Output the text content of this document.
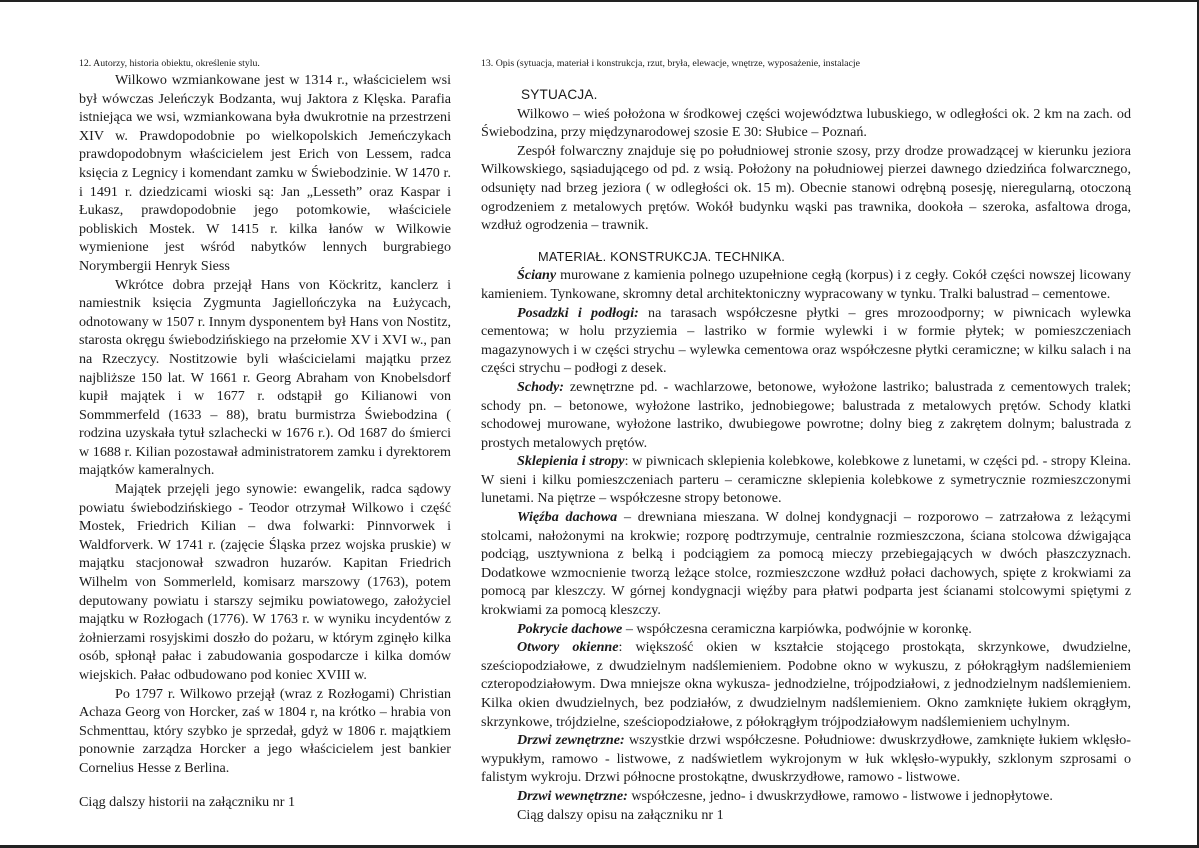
12. Autorzy, historia obiektu, określenie stylu.

Wilkowo wzmiankowane jest w 1314 r., właścicielem wsi był wówczas Jeleńczyk Bodzanta, wuj Jaktora z Klęska. Parafia istniejąca we wsi, wzmiankowana była dwukrotnie na przestrzeni XIV w. Prawdopodobnie po wielkopolskich Jemeńczykach prawdopodobnym właścicielem jest Erich von Lessem, radca księcia z Legnicy i komendant zamku w Świebodzinie. W 1470 r. i 1491 r. dziedzicami wioski są: Jan „Lesseth” oraz Kaspar i Łukasz, prawdopodobnie jego potomkowie, właściciele pobliskich Mostek. W 1415 r. kilka łanów w Wilkowie wymienione jest wśród nabytków lennych burgrabiego Norymbergii Henryk Siess

Wkrótce dobra przejął Hans von Köckritz, kanclerz i namiestnik księcia Zygmunta Jagiellończyka na Łużycach, odnotowany w 1507 r. Innym dysponentem był Hans von Nostitz, starosta okręgu świebodzińskiego na przełomie XV i XVI w., pan na Rzeczycy. Nostitzowie byli właścicielami majątku przez najbliższe 150 lat. W 1661 r. Georg Abraham von Knobelsdorf kupił majątek i w 1677 r. odstąpił go Kilianowi von Sommmerfeld (1633 – 88), bratu burmistrza Świebodzina ( rodzina uzyskała tytuł szlachecki w 1676 r.). Od 1687 do śmierci w 1688 r. Kilian pozostawał administratorem zamku i dyrektorem majątków kameralnych.

Majątek przejęli jego synowie: ewangelik, radca sądowy powiatu świebodzińskiego - Teodor otrzymał Wilkowo i część Mostek, Friedrich Kilian – dwa folwarki: Pinnvorwek i Waldforverk. W 1741 r. (zajęcie Śląska przez wojska pruskie) w majątku stacjonował szwadron huzarów. Kapitan Friedrich Wilhelm von Sommerleld, komisarz marszowy (1763), potem deputowany powiatu i starszy sejmiku powiatowego, założyciel majątku w Rozłogach (1776). W 1763 r. w wyniku incydentów z żołnierzami rosyjskimi doszło do pożaru, w którym zginęło kilka osób, spłonął pałac i zabudowania gospodarcze i kilka domów wiejskich. Pałac odbudowano pod koniec XVIII w.

Po 1797 r. Wilkowo przejął (wraz z Rozłogami) Christian Achaza Georg von Horcker, zaś w 1804 r, na krótko – hrabia von Schmenttau, który szybko je sprzedał, gdyż w 1806 r. majątkiem ponownie zarządza Horcker a jego właścicielem jest bankier Cornelius Hesse z Berlina.

Ciąg dalszy historii na załączniku nr 1

13. Opis (sytuacja, materiał i konstrukcja, rzut, bryła, elewacje, wnętrze, wyposażenie, instalacje

SYTUACJA.

Wilkowo – wieś położona w środkowej części województwa lubuskiego, w odległości ok. 2 km na zach. od Świebodzina, przy międzynarodowej szosie E 30: Słubice – Poznań.

Zespół folwarczny znajduje się po południowej stronie szosy, przy drodze prowadzącej w kierunku jeziora Wilkowskiego, sąsiadującego od pd. z wsią. Położony na południowej pierzei dawnego dziedzińca folwarcznego, odsunięty nad brzeg jeziora ( w odległości ok. 15 m). Obecnie stanowi odrębną posesję, nieregularną, otoczoną ogrodzeniem z metalowych prętów. Wokół budynku wąski pas trawnika, dookoła – szeroka, asfaltowa droga, wzdłuż ogrodzenia – trawnik.

MATERIAŁ. KONSTRUKCJA. TECHNIKA.

Ściany murowane z kamienia polnego uzupełnione cegłą (korpus) i z cegły. Cokół części nowszej licowany kamieniem. Tynkowane, skromny detal architektoniczny wypracowany w tynku. Tralki balustrad – cementowe.

Posadzki i podłogi: na tarasach współczesne płytki – gres mrozoodporny; w piwnicach wylewka cementowa; w holu przyziemia – lastriko w formie wylewki i w formie płytek; w pomieszczeniach magazynowych i w części strychu – wylewka cementowa oraz współczesne płytki ceramiczne; w kilku salach i na części strychu – podłogi z desek.

Schody: zewnętrzne pd. - wachlarzowe, betonowe, wyłożone lastriko; balustrada z cementowych tralek; schody pn. – betonowe, wyłożone lastriko, jednobiegowe; balustrada z metalowych prętów. Schody klatki schodowej murowane, wyłożone lastriko, dwubiegowe powrotne; dolny bieg z zakrętem dolnym; balustrada z prostych metalowych prętów.

Sklepienia i stropy: w piwnicach sklepienia kolebkowe, kolebkowe z lunetami, w części pd. - stropy Kleina. W sieni i kilku pomieszczeniach parteru – ceramiczne sklepienia kolebkowe z symetrycznie rozmieszczonymi lunetami. Na piętrze – współczesne stropy betonowe.

Więźba dachowa – drewniana mieszana. W dolnej kondygnacji – rozporowo – zatrzałowa z leżącymi stolcami, nałożonymi na krokwie; rozporę podtrzymuje, centralnie rozmieszczona, ściana stolcowa dźwigająca podciąg, usztywniona z belką i podciągiem za pomocą mieczy przebiegających w dwóch płaszczyznach. Dodatkowe wzmocnienie tworzą leżące stolce, rozmieszczone wzdłuż połaci dachowych, spięte z krokwiami za pomocą par kleszczy. W górnej kondygnacji więźby para płatwi podparta jest ścianami stolcowymi spiętymi z krokwiami za pomocą kleszczy.

Pokrycie dachowe – współczesna ceramiczna karpiówka, podwójnie w koronkę.

Otwory okienne: większość okien w kształcie stojącego prostokąta, skrzynkowe, dwudzielne, sześciopodziałowe, z dwudzielnym nadślemieniem. Podobne okno w wykuszu, z półokrągłym nadślemieniem czteropodziałowym. Dwa mniejsze okna wykusza- jednodzielne, trójpodziałowi, z jednodzielnym nadślemieniem. Kilka okien dwudzielnych, bez podziałów, z dwudzielnym nadślemieniem. Okno zamknięte łukiem okrągłym, skrzynkowe, trójdzielne, sześciopodziałowe, z półokrągłym trójpodziałowym nadślemieniem uchylnym.

Drzwi zewnętrzne: wszystkie drzwi współczesne. Południowe: dwuskrzydłowe, zamknięte łukiem wklęsło-wypukłym, ramowo - listwowe, z nadświetlem wykrojonym w łuk wklęsło-wypukły, szklonym szprosami o falistym wykroju. Drzwi północne prostokątne, dwuskrzydłowe, ramowo - listwowe.

Drzwi wewnętrzne: współczesne, jedno- i dwuskrzydłowe, ramowo - listwowe i jednopłytowe.

Ciąg dalszy opisu na załączniku nr 1
